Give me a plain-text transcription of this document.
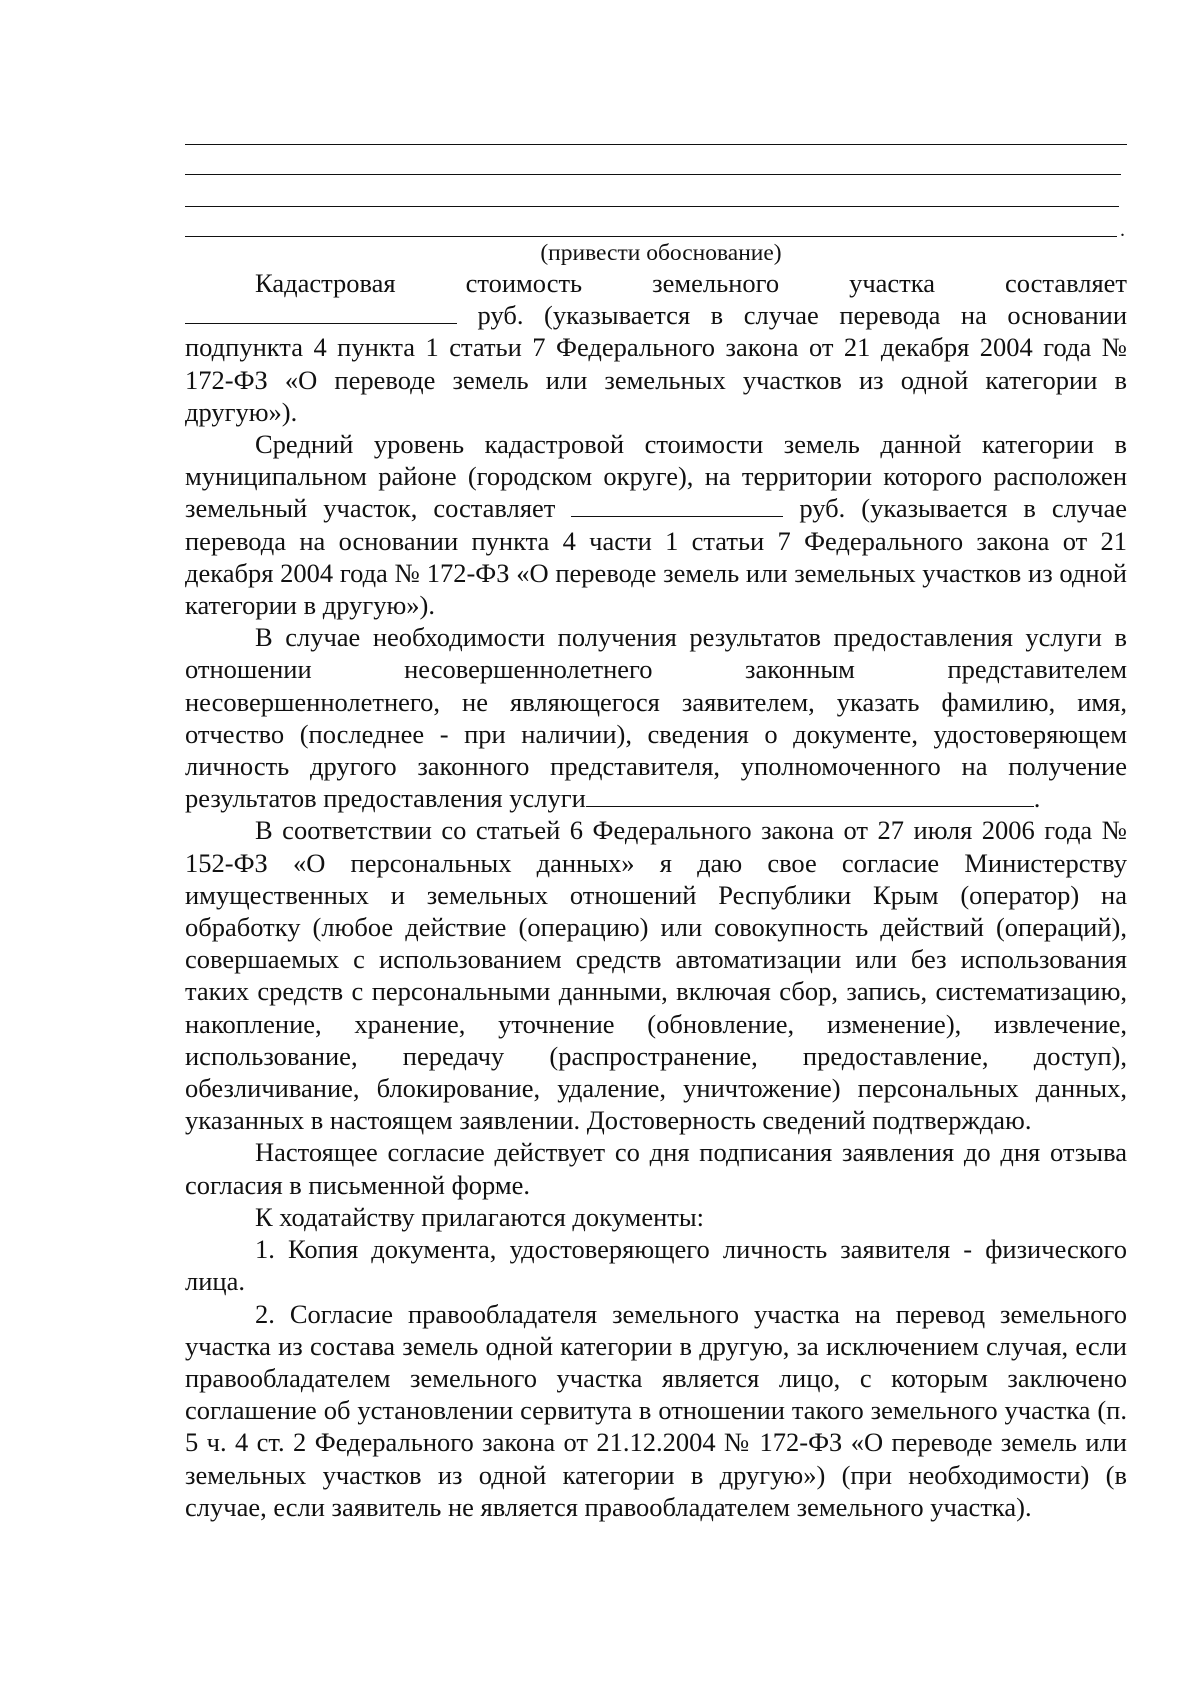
.
(привести обоснование)

Кадастровая стоимость земельного участка составляет

руб. (указывается в случае перевода на основании подпункта 4 пункта 1 статьи 7 Федерального закона от 21 декабря 2004 года № 172-ФЗ «О переводе земель или земельных участков из одной категории в другую»).

Средний уровень кадастровой стоимости земель данной категории в муниципальном районе (городском округе), на территории которого расположен земельный участок, составляет	руб. (указывается в случае перевода на основании пункта 4 части 1 статьи 7 Федерального закона от 21 декабря 2004 года № 172-ФЗ «О переводе земель или земельных участков из одной категории в другую»).

В случае необходимости получения результатов предоставления услуги в отношении несовершеннолетнего законным представителем несовершеннолетнего, не являющегося заявителем, указать фамилию, имя, отчество (последнее - при наличии), сведения о документе, удостоверяющем личность другого законного представителя, уполномоченного на получение результатов предоставления услуги	.

В соответствии со статьей 6 Федерального закона от 27 июля 2006 года № 152-ФЗ «О персональных данных» я даю свое согласие Министерству имущественных и земельных отношений Республики Крым (оператор) на обработку (любое действие (операцию) или совокупность действий (операций), совершаемых с использованием средств автоматизации или без использования таких средств с персональными данными, включая сбор, запись, систематизацию, накопление, хранение, уточнение (обновление, изменение), извлечение, использование, передачу (распространение, предоставление, доступ), обезличивание, блокирование, удаление, уничтожение) персональных данных, указанных в настоящем заявлении. Достоверность сведений подтверждаю.

Настоящее согласие действует со дня подписания заявления до дня отзыва согласия в письменной форме.

К ходатайству прилагаются документы:

1. Копия документа, удостоверяющего личность заявителя - физического лица.

2. Согласие правообладателя земельного участка на перевод земельного участка из состава земель одной категории в другую, за исключением случая, если правообладателем земельного участка является лицо, с которым заключено соглашение об установлении сервитута в отношении такого земельного участка (п. 5 ч. 4 ст. 2 Федерального закона от 21.12.2004 № 172-ФЗ «О переводе земель или земельных участков из одной категории в другую») (при необходимости) (в случае, если заявитель не является правообладателем земельного участка).
